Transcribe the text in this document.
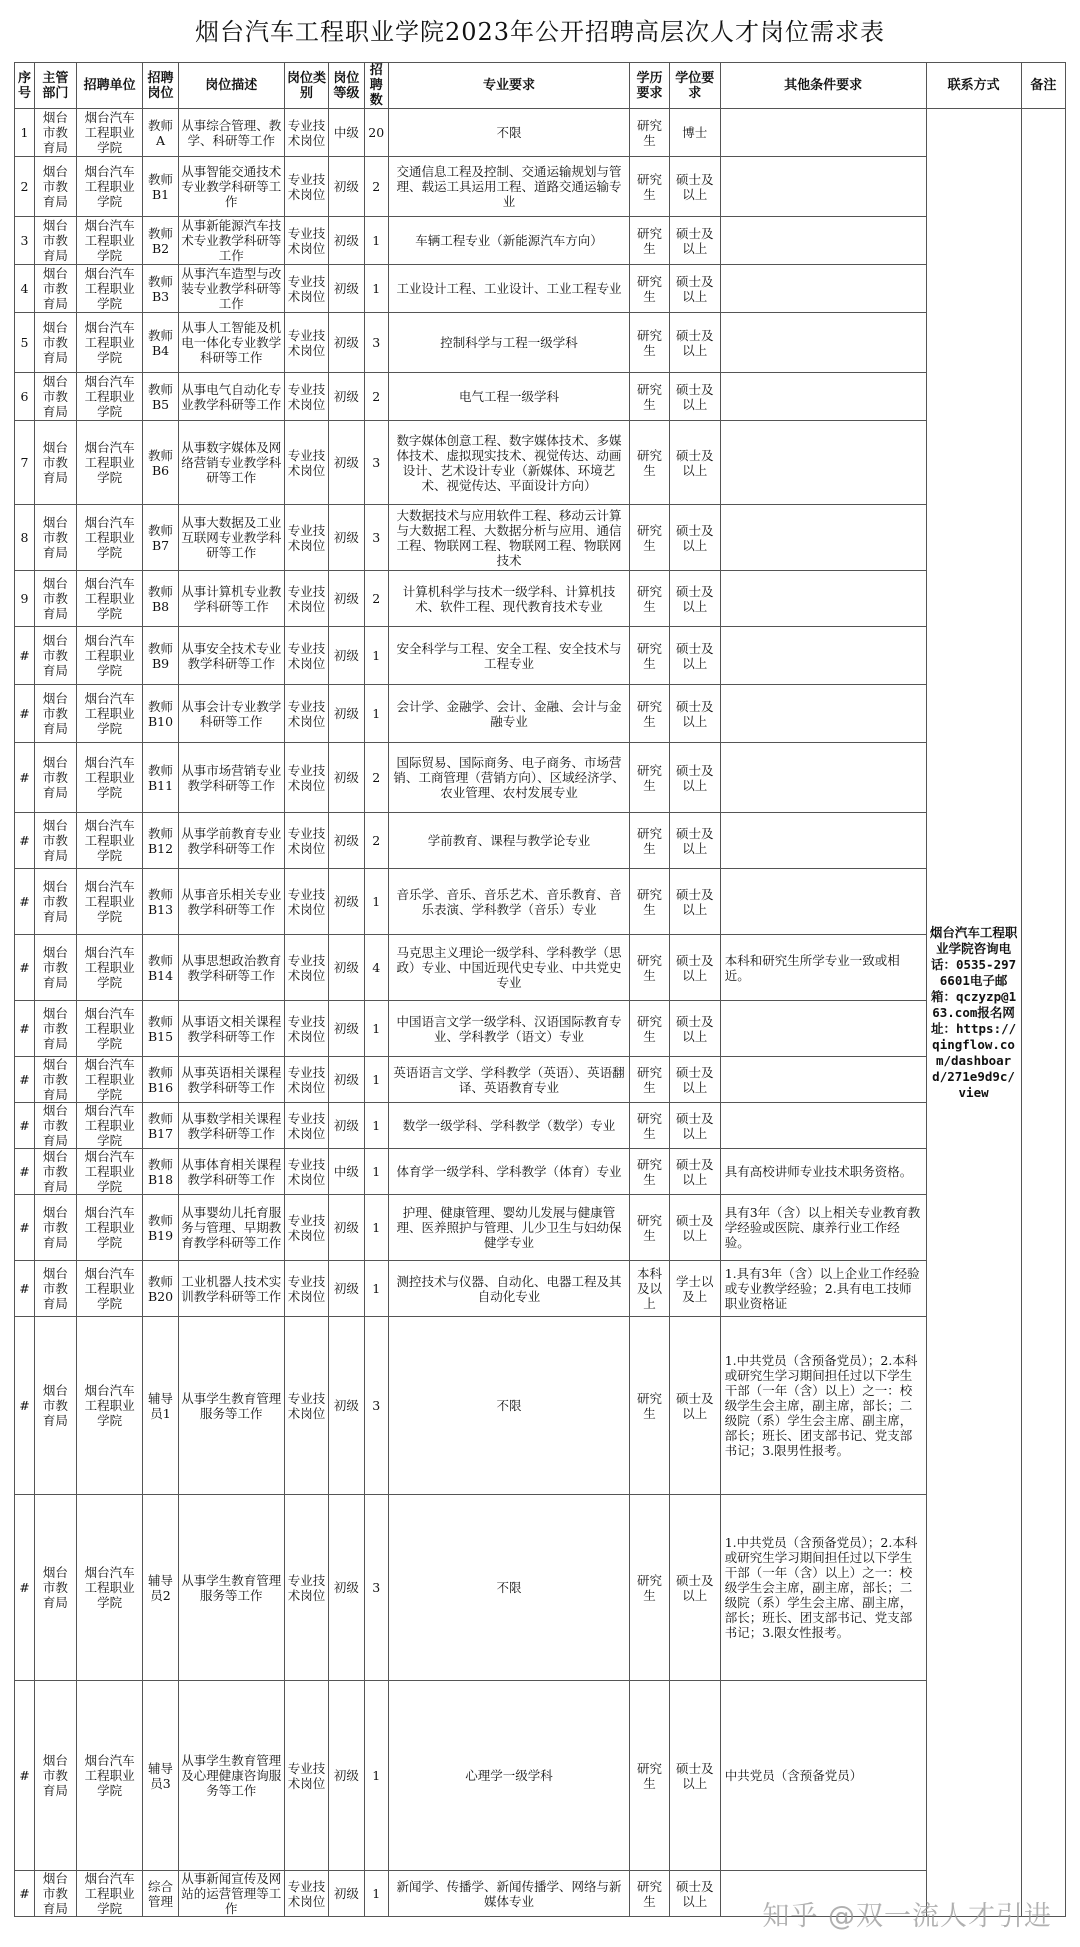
烟台汽车工程职业学院2023年公开招聘高层次人才岗位需求表
序号	主管部门	招聘单位	招聘岗位	岗位描述	岗位类别	岗位等级	招聘数	专业要求	学历要求	学位要求	其他条件要求	联系方式	备注
1	烟台市教育局	烟台汽车工程职业学院	教师A	从事综合管理、教学、科研等工作	专业技术岗位	中级	20	不限	研究生	博士		烟台汽车工程职业学院咨询电话：0535-2976601电子邮箱：qczyzp@163.com报名网址：https://qingflow.com/dashboard/271e9d9c/view	
2	烟台市教育局	烟台汽车工程职业学院	教师B1	从事智能交通技术专业教学科研等工作	专业技术岗位	初级	2	交通信息工程及控制、交通运输规划与管理、载运工具运用工程、道路交通运输专业	研究生	硕士及以上			
3	烟台市教育局	烟台汽车工程职业学院	教师B2	从事新能源汽车技术专业教学科研等工作	专业技术岗位	初级	1	车辆工程专业（新能源汽车方向）	研究生	硕士及以上			
4	烟台市教育局	烟台汽车工程职业学院	教师B3	从事汽车造型与改装专业教学科研等工作	专业技术岗位	初级	1	工业设计工程、工业设计、工业工程专业	研究生	硕士及以上			
5	烟台市教育局	烟台汽车工程职业学院	教师B4	从事人工智能及机电一体化专业教学科研等工作	专业技术岗位	初级	3	控制科学与工程一级学科	研究生	硕士及以上			
6	烟台市教育局	烟台汽车工程职业学院	教师B5	从事电气自动化专业教学科研等工作	专业技术岗位	初级	2	电气工程一级学科	研究生	硕士及以上			
7	烟台市教育局	烟台汽车工程职业学院	教师B6	从事数字媒体及网络营销专业教学科研等工作	专业技术岗位	初级	3	数字媒体创意工程、数字媒体技术、多媒体技术、虚拟现实技术、视觉传达、动画设计、艺术设计专业（新媒体、环境艺术、视觉传达、平面设计方向）	研究生	硕士及以上			
8	烟台市教育局	烟台汽车工程职业学院	教师B7	从事大数据及工业互联网专业教学科研等工作	专业技术岗位	初级	3	大数据技术与应用软件工程、移动云计算与大数据工程、大数据分析与应用、通信工程、物联网工程、物联网工程、物联网技术	研究生	硕士及以上			
9	烟台市教育局	烟台汽车工程职业学院	教师B8	从事计算机专业教学科研等工作	专业技术岗位	初级	2	计算机科学与技术一级学科、计算机技术、软件工程、现代教育技术专业	研究生	硕士及以上			
#	烟台市教育局	烟台汽车工程职业学院	教师B9	从事安全技术专业教学科研等工作	专业技术岗位	初级	1	安全科学与工程、安全工程、安全技术与工程专业	研究生	硕士及以上			
#	烟台市教育局	烟台汽车工程职业学院	教师B10	从事会计专业教学科研等工作	专业技术岗位	初级	1	会计学、金融学、会计、金融、会计与金融专业	研究生	硕士及以上			
#	烟台市教育局	烟台汽车工程职业学院	教师B11	从事市场营销专业教学科研等工作	专业技术岗位	初级	2	国际贸易、国际商务、电子商务、市场营销、工商管理（营销方向）、区域经济学、农业管理、农村发展专业	研究生	硕士及以上			
#	烟台市教育局	烟台汽车工程职业学院	教师B12	从事学前教育专业教学科研等工作	专业技术岗位	初级	2	学前教育、课程与教学论专业	研究生	硕士及以上			
#	烟台市教育局	烟台汽车工程职业学院	教师B13	从事音乐相关专业教学科研等工作	专业技术岗位	初级	1	音乐学、音乐、音乐艺术、音乐教育、音乐表演、学科教学（音乐）专业	研究生	硕士及以上			
#	烟台市教育局	烟台汽车工程职业学院	教师B14	从事思想政治教育教学科研等工作	专业技术岗位	初级	4	马克思主义理论一级学科、学科教学（思政）专业、中国近现代史专业、中共党史专业	研究生	硕士及以上	本科和研究生所学专业一致或相近。		
#	烟台市教育局	烟台汽车工程职业学院	教师B15	从事语文相关课程教学科研等工作	专业技术岗位	初级	1	中国语言文学一级学科、汉语国际教育专业、学科教学（语文）专业	研究生	硕士及以上			
#	烟台市教育局	烟台汽车工程职业学院	教师B16	从事英语相关课程教学科研等工作	专业技术岗位	初级	1	英语语言文学、学科教学（英语）、英语翻译、英语教育专业	研究生	硕士及以上			
#	烟台市教育局	烟台汽车工程职业学院	教师B17	从事数学相关课程教学科研等工作	专业技术岗位	初级	1	数学一级学科、学科教学（数学）专业	研究生	硕士及以上			
#	烟台市教育局	烟台汽车工程职业学院	教师B18	从事体育相关课程教学科研等工作	专业技术岗位	中级	1	体育学一级学科、学科教学（体育）专业	研究生	硕士及以上	具有高校讲师专业技术职务资格。		
#	烟台市教育局	烟台汽车工程职业学院	教师B19	从事婴幼儿托育服务与管理、早期教育教学科研等工作	专业技术岗位	初级	1	护理、健康管理、婴幼儿发展与健康管理、医养照护与管理、儿少卫生与妇幼保健学专业	研究生	硕士及以上	具有3年（含）以上相关专业教育教学经验或医院、康养行业工作经验。		
#	烟台市教育局	烟台汽车工程职业学院	教师B20	工业机器人技术实训教学科研等工作	专业技术岗位	初级	1	测控技术与仪器、自动化、电器工程及其自动化专业	本科及以上	学士以及上	1.具有3年（含）以上企业工作经验或专业教学经验；2.具有电工技师职业资格证		
#	烟台市教育局	烟台汽车工程职业学院	辅导员1	从事学生教育管理服务等工作	专业技术岗位	初级	3	不限	研究生	硕士及以上	1.中共党员（含预备党员）；2.本科或研究生学习期间担任过以下学生干部（一年（含）以上）之一：校级学生会主席，副主席，部长；二级院（系）学生会主席、副主席，部长；班长、团支部书记、党支部书记；3.限男性报考。		
#	烟台市教育局	烟台汽车工程职业学院	辅导员2	从事学生教育管理服务等工作	专业技术岗位	初级	3	不限	研究生	硕士及以上	1.中共党员（含预备党员）；2.本科或研究生学习期间担任过以下学生干部（一年（含）以上）之一：校级学生会主席，副主席，部长；二级院（系）学生会主席、副主席，部长；班长、团支部书记、党支部书记；3.限女性报考。		
#	烟台市教育局	烟台汽车工程职业学院	辅导员3	从事学生教育管理及心理健康咨询服务等工作	专业技术岗位	初级	1	心理学一级学科	研究生	硕士及以上	中共党员（含预备党员）		
#	烟台市教育局	烟台汽车工程职业学院	综合管理	从事新闻宣传及网站的运营管理等工作	专业技术岗位	初级	1	新闻学、传播学、新闻传播学、网络与新媒体专业	研究生	硕士及以上			知乎 @双一流人才引进
